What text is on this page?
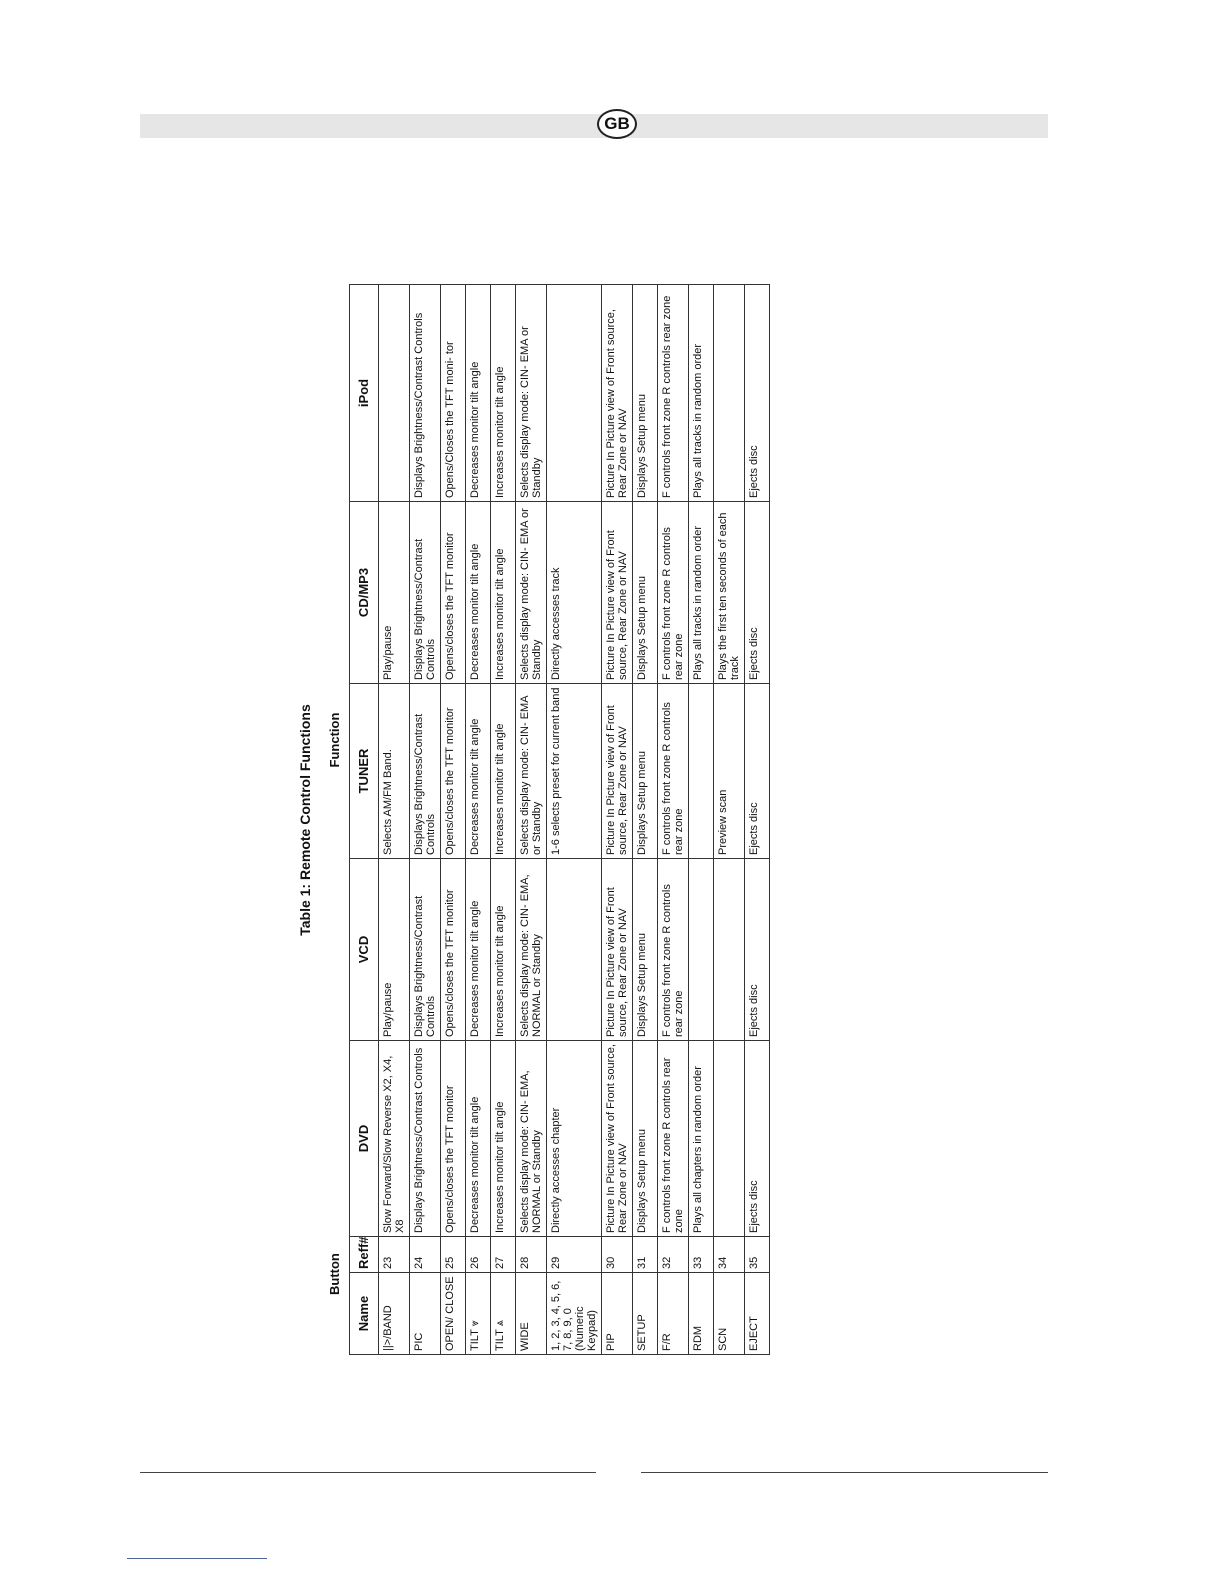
GB
Table 1: Remote Control Functions
Button
Function
Name	Reff#	DVD	VCD	TUNER	CD/MP3	iPod
||>/BAND	23	Slow Forward/Slow Reverse X2, X4, X8	Play/pause	Selects AM/FM Band.	Play/pause	
PIC	24	Displays Brightness/Contrast Controls	Displays Brightness/Contrast Controls	Displays Brightness/Contrast Controls	Displays Brightness/Contrast Controls	Displays Brightness/Contrast Controls
OPEN/ CLOSE	25	Opens/closes the TFT monitor	Opens/closes the TFT monitor	Opens/closes the TFT monitor	Opens/closes the TFT monitor	Opens/Closes the TFT moni- tor
TILT ⩔	26	Decreases monitor tilt angle	Decreases monitor tilt angle	Decreases monitor tilt angle	Decreases monitor tilt angle	Decreases monitor tilt angle
TILT ⩓	27	Increases monitor tilt angle	Increases monitor tilt angle	Increases monitor tilt angle	Increases monitor tilt angle	Increases monitor tilt angle
WIDE	28	Selects display mode: CIN- EMA, NORMAL or Standby	Selects display mode: CIN- EMA, NORMAL or Standby	Selects display mode: CIN- EMA or Standby	Selects display mode: CIN- EMA or Standby	Selects display mode: CIN- EMA or Standby
1, 2, 3, 4, 5, 6, 7, 8, 9, 0 (Numeric Keypad)	29	Directly accesses chapter		1-6 selects preset for current band	Directly accesses track	
PIP	30	Picture In Picture view of Front source, Rear Zone or NAV	Picture In Picture view of Front source, Rear Zone or NAV	Picture In Picture view of Front source, Rear Zone or NAV	Picture In Picture view of Front source, Rear Zone or NAV	Picture In Picture view of Front source, Rear Zone or NAV
SETUP	31	Displays Setup menu	Displays Setup menu	Displays Setup menu	Displays Setup menu	Displays Setup menu
F/R	32	F controls front zone R controls rear zone	F controls front zone R controls rear zone	F controls front zone R controls rear zone	F controls front zone R controls rear zone	F controls front zone R controls rear zone
RDM	33	Plays all chapters in random order			Plays all tracks in random order	Plays all tracks in random order
SCN	34			Preview scan	Plays the first ten seconds of each track	
EJECT	35	Ejects disc	Ejects disc	Ejects disc	Ejects disc	Ejects disc
